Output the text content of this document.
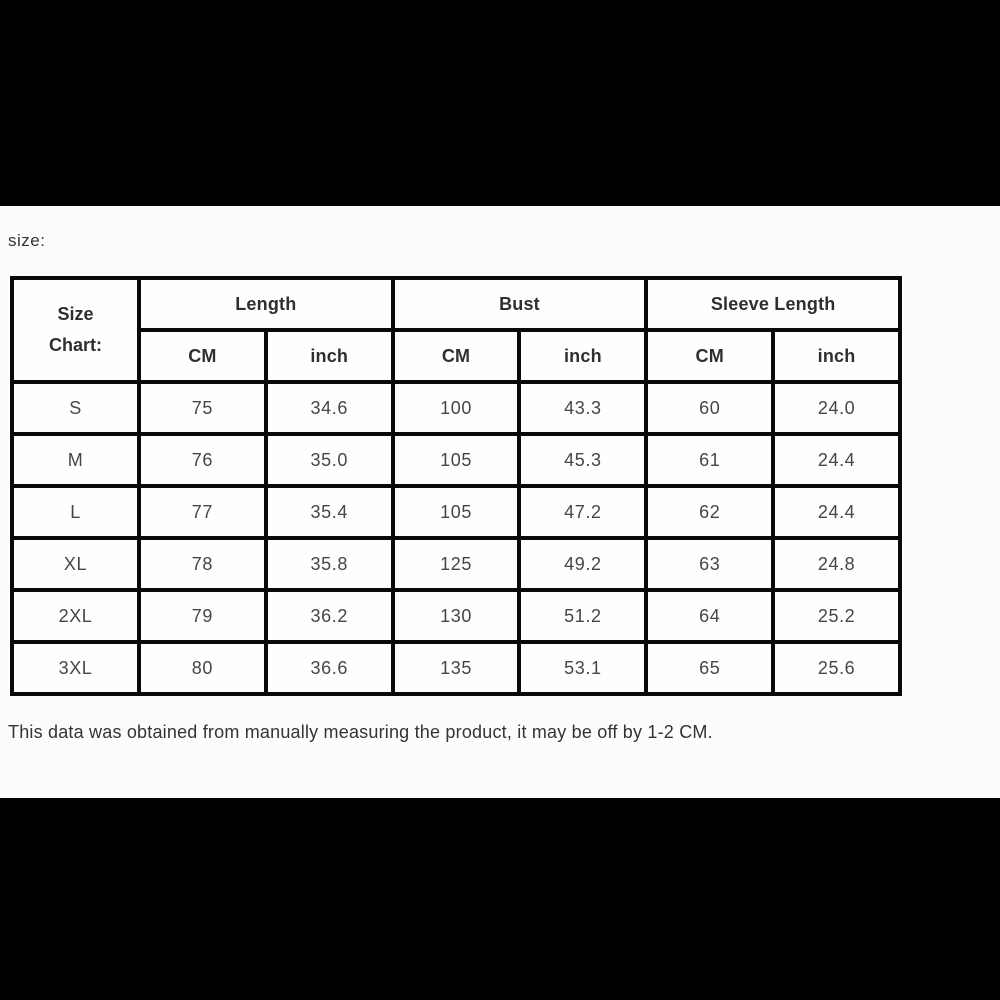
size:
Size
Chart:	Length		Bust		Sleeve Length	
	CM	inch	CM	inch	CM	inch
S	75	34.6	100	43.3	60	24.0
M	76	35.0	105	45.3	61	24.4
L	77	35.4	105	47.2	62	24.4
XL	78	35.8	125	49.2	63	24.8
2XL	79	36.2	130	51.2	64	25.2
3XL	80	36.6	135	53.1	65	25.6
This data was obtained from manually measuring the product, it may be off by 1-2 CM.
